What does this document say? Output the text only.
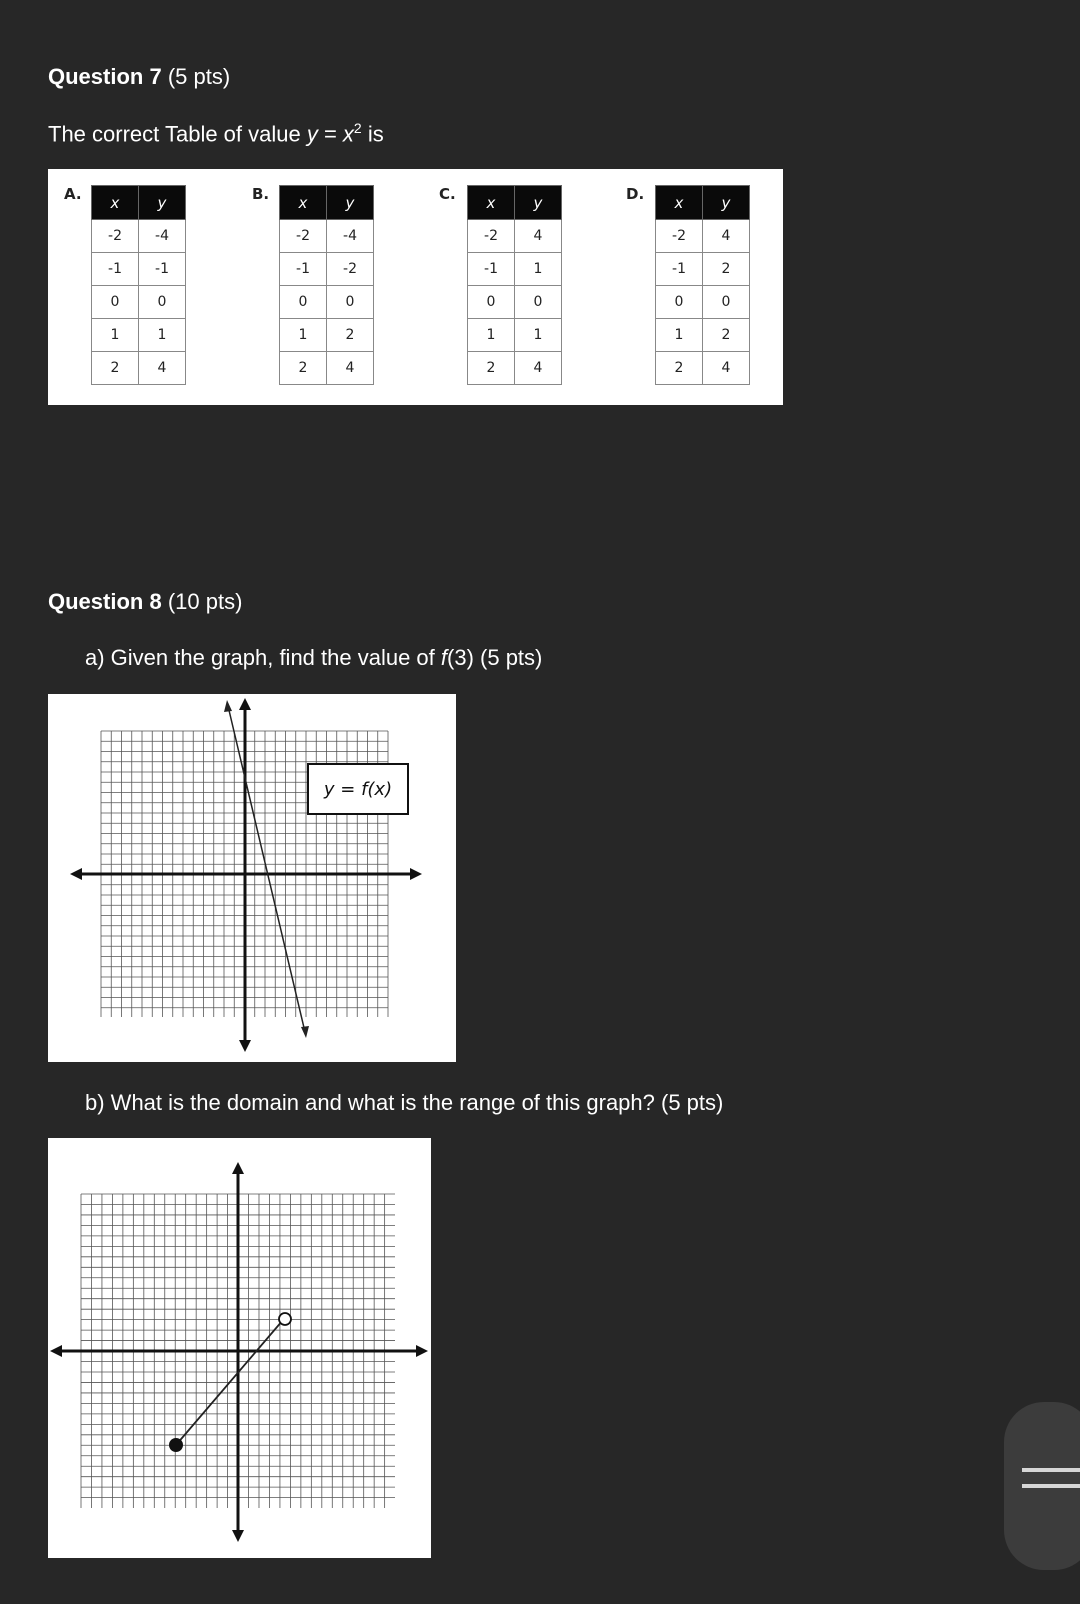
Question 7 (5 pts)
The correct Table of value $y = x^2$ is
A. x	y
-2	-4
-1	-1
0	0
1	1
2	4
B. x	y
-2	-4
-1	-2
0	0
1	2
2	4
C. x	y
-2	4
-1	1
0	0
1	1
2	4
D. x	y
-2	4
-1	2
0	0
1	2
2	4
Question 8 (10 pts)
a) Given the graph, find the value of f(3) (5 pts)
y = f(x)
b) What is the domain and what is the range of this graph? (5 pts)
